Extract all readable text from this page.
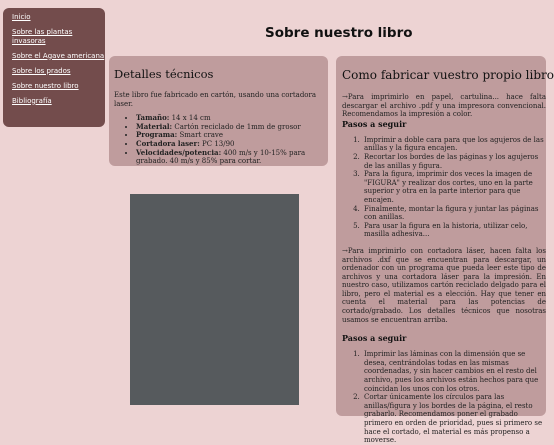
Inicio
Sobre las plantas invasoras
Sobre el Agave americana
Sobre los prados
Sobre nuestro libro
Bibliografía
Sobre nuestro libro
Detalles técnicos

Este libro fue fabricado en cartón, usando una cortadora laser.

• Tamaño: 14 x 14 cm
• Material: Cartón reciclado de 1mm de grosor
• Programa: Smart crave
• Cortadora laser: PC 13/90
• Velocidades/potencia: 400 m/s y 10-15% para grabado. 40 m/s y 85% para cortar.
Como fabricar vuestro propio libro

→Para imprimirlo en papel, cartulina... hace falta descargar el archivo .pdf y una impresora convencional. Recomendamos la impresión a color.

Pasos a seguir
1. Imprimir a doble cara para que los agujeros de las anillas y la figura encajen.
2. Recortar los bordes de las páginas y los agujeros de las anillas y figura.
3. Para la figura, imprimir dos veces la imagen de "FIGURA" y realizar dos cortes, uno en la parte superior y otra en la parte interior para que encajen.
4. Finalmente, montar la figura y juntar las páginas con anillas.
5. Para usar la figura en la historia, utilizar celo, masilla adhesiva...

→Para imprimirlo con cortadora láser, hacen falta los archivos .dxf que se encuentran para descargar, un ordenador con un programa que pueda leer este tipo de archivos y una cortadora láser para la impresión. En nuestro caso, utilizamos cartón reciclado delgado para el libro, pero el material es a elección. Hay que tener en cuenta el material para las potencias de cortado/grabado. Los detalles técnicos que nosotras usamos se encuentran arriba.

Pasos a seguir
1. Imprimir las láminas con la dimensión que se desea, centrándolas todas en las mismas coordenadas, y sin hacer cambios en el resto del archivo, pues los archivos están hechos para que coincidan los unos con los otros.
2. Cortar únicamente los círculos para las anillas/figura y los bordes de la página, el resto grabarlo. Recomendamos poner el grabado primero en orden de prioridad, pues si primero se hace el cortado, el material es más propenso a moverse.
